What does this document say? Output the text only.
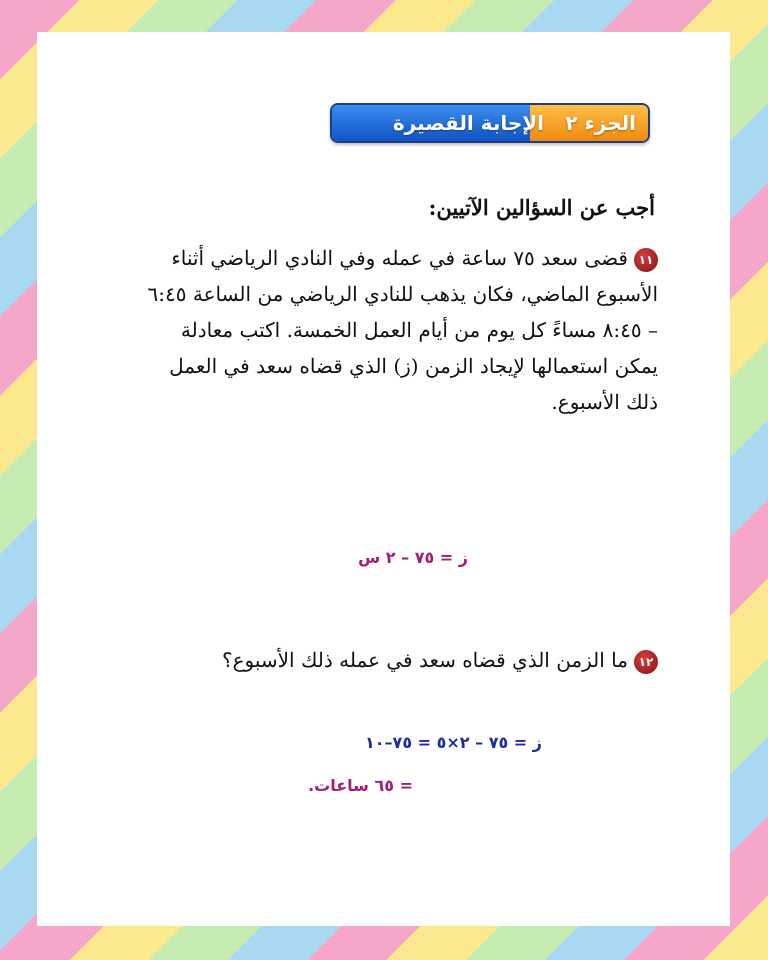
الجزء ٢الإجابة القصيرة
أجب عن السؤالين الآتيين:
١١قضى سعد ٧٥ ساعة في عمله وفي النادي الرياضي أثناء الأسبوع الماضي، فكان يذهب للنادي الرياضي من الساعة ٦:٤٥ – ٨:٤٥ مساءً كل يوم من أيام العمل الخمسة. اكتب معادلة يمكن استعمالها لإيجاد الزمن (ز) الذي قضاه سعد في العمل ذلك الأسبوع.
ز = ٧٥ – ٢ س
١٢ما الزمن الذي قضاه سعد في عمله ذلك الأسبوع؟
ز = ٧٥ – ٢×٥ = ٧٥–١٠
= ٦٥ ساعات.
